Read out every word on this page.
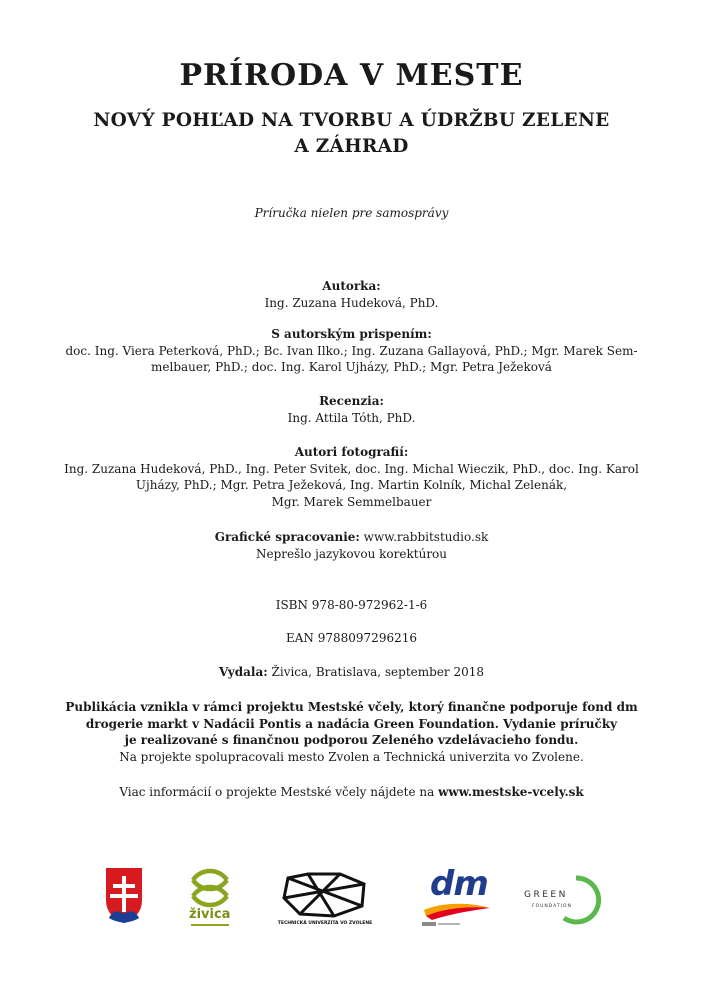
PRÍRODA V MESTE
NOVÝ POHĽAD NA TVORBU A ÚDRŽBU ZELENE
A ZÁHRAD
Príručka nielen pre samosprávy
Autorka:
Ing. Zuzana Hudeková, PhD.
S autorským prispením:
doc. Ing. Viera Peterková, PhD.; Bc. Ivan Ilko.; Ing. Zuzana Gallayová, PhD.; Mgr. Marek Sem-
melbauer, PhD.; doc. Ing. Karol Ujházy, PhD.; Mgr. Petra Ježeková
Recenzia:
Ing. Attila Tóth, PhD.
Autori fotografií:
Ing. Zuzana Hudeková, PhD., Ing. Peter Svitek, doc. Ing. Michal Wieczik, PhD., doc. Ing. Karol
Ujházy, PhD.; Mgr. Petra Ježeková, Ing. Martin Kolník, Michal Zelenák,
Mgr. Marek Semmelbauer
Grafické spracovanie: www.rabbitstudio.sk
Neprešlo jazykovou korektúrou
ISBN 978-80-972962-1-6
EAN 9788097296216
Vydala: Živica, Bratislava, september 2018
Publikácia vznikla v rámci projektu Mestské včely, ktorý finančne podporuje fond dm
drogerie markt v Nadácii Pontis a nadácia Green Foundation. Vydanie príručky
je realizované s finančnou podporou Zeleného vzdelávacieho fondu.
Na projekte spolupracovali mesto Zvolen a Technická univerzita vo Zvolene.
Viac informácií o projekte Mestské včely nájdete na www.mestske-vcely.sk
živica
TECHNICKÁ UNIVERZITA VO ZVOLENE
dm	GREEN
FOUNDATION
